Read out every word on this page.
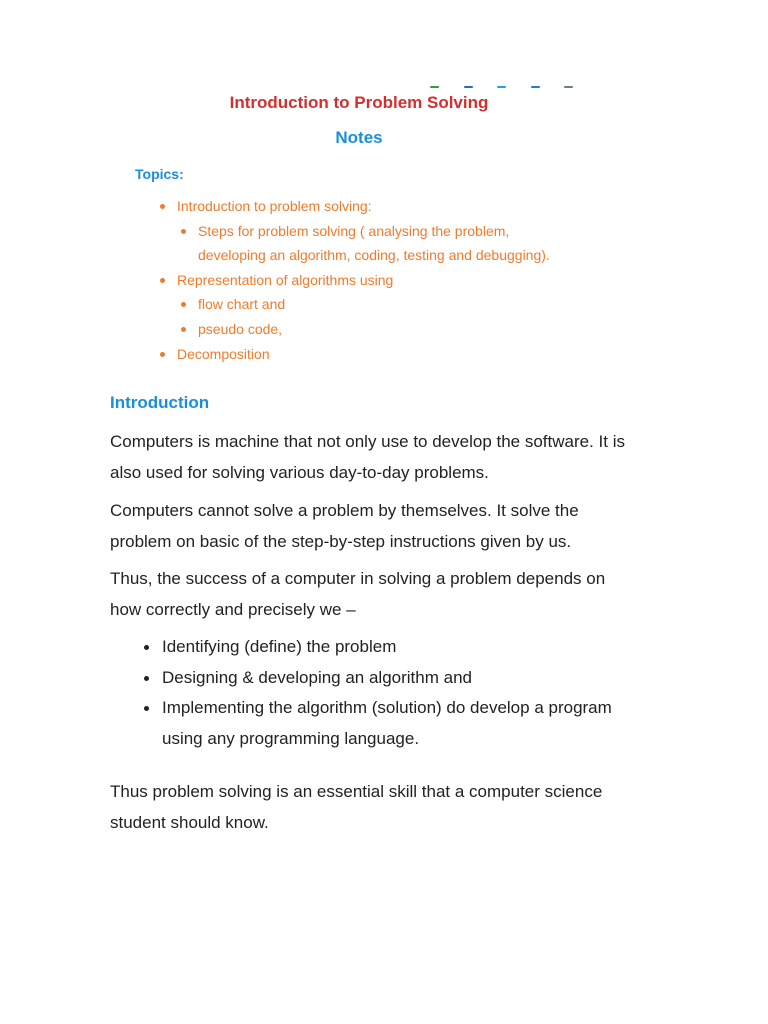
Introduction to Problem Solving
Notes
Topics:
Introduction to problem solving:
Steps for problem solving ( analysing the problem,
developing an algorithm, coding, testing and debugging).
Representation of algorithms using
flow chart and
pseudo code,
Decomposition
Introduction

Computers is machine that not only use to develop the software. It is
also used for solving various day-to-day problems.

Computers cannot solve a problem by themselves. It solve the
problem on basic of the step-by-step instructions given by us.

Thus, the success of a computer in solving a problem depends on
how correctly and precisely we –

Identifying (define) the problem
Designing & developing an algorithm and
Implementing the algorithm (solution) do develop a program
using any programming language.

Thus problem solving is an essential skill that a computer science
student should know.
